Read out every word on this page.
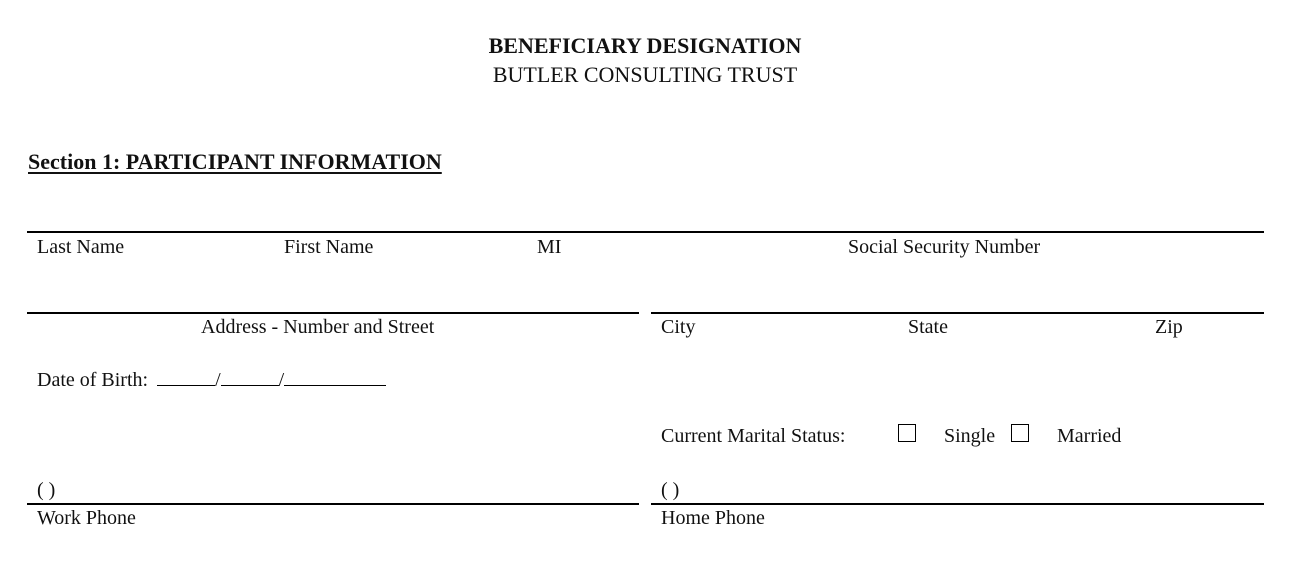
BENEFICIARY DESIGNATION
BUTLER CONSULTING TRUST
Section 1: PARTICIPANT INFORMATION
Last Name	First Name	MI	Social Security Number
Address - Number and Street	City	State	Zip
Date of Birth:	/	/
Current Marital Status:	Single	Married
( )	( )
Work Phone	Home Phone
